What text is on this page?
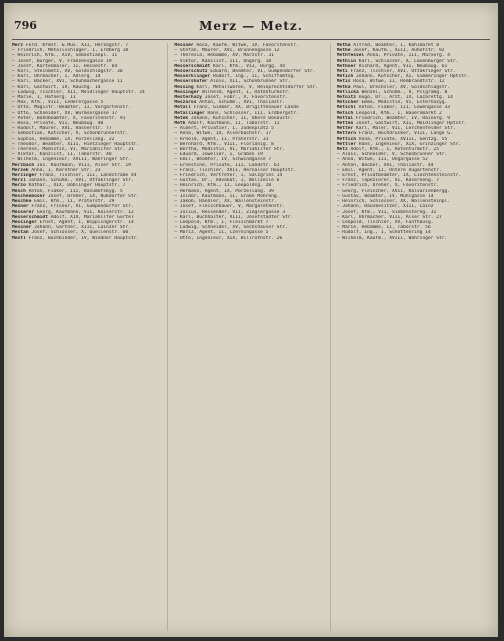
796	Merz — Metz.
Merz Ferd. Kfmst. & Mus. XII, Herzogstr. 7
— Friedrich, Metallschläger, I, Erdberg 18
— Heinrich, Kfm., XIV, Sebastianpl. 11
— Josef, Bürger, V, Franzensgasse 19
— Josef, Kartenmaler, II, Heinestr. 64
— Karl, Steinmetz, XV, Goldschlagstr. 30
— Karl, Uhrmacher, I, Adlerg. 14
— Karl, Bäcker, XVI, Schuhmachergasse 11
— Karl, Gastwirt, IV, Rauchg. 14
— Ludwig, Tischler, XII, Meidlinger Hauptstr. 24
— Marie, I, Hafnerg. 11
— Max, Kfm., VIII, Lederergasse 5
— Otto, Magistr.-Beamter, II, Vorgartenstr.
— Otto, Schneider, XV, Wurmsergasse 17
— Peter, Bahnbeamter, X, Favoritenstr. 91
— Rosa, Private, VII, Neubaug. 40
— Rudolf, Maurer, XVI, Hasnerstr. 77
— Sebastian, Kutscher, V, Schönbrunnerstr.
— Sophie, Hebamme, IX, Porzellang. 22
— Theodor, Beamter, XIII, Hietzinger Hauptstr.
— Therese, Modistin, VI, Mariahilfer Str. 31
— Viktor, Kanzlist, II, Taborstr. 48
— Wilhelm, Ingenieur, XVIII, Währinger Str.
Merzbach Jos. Kaufmann, VIII, Alser Str. 19
Merzek Anna, I, Kärntner Str. 23
Merzinger Franz, Tischler, III, Landstraße 44
Merzl Johann, Schuhm., XVI, Ottakringer Str.
Merzo Kathar., XIX, Döblinger Hauptstr. 7
Mesch Anton, Fiaker, III, Rasumofskyg. 5
Meschenmoser Josef, Dreher, IX, Nußdorfer Str.
Meschke Emil, Kfm., II, Praterstr. 29
Mesner Franz, Friseur, VI, Gumpendorfer Str.
Messerer Georg, Kaufmann, VII, Kaiserstr. 12
Messerschmidt Adolf, XIV, Mariahilfer Gürtel
Messinger Ernst, Agent, I, Wipplingerstr. 14
Messner Johann, Gärtner, XIII, Lainzer Str.
Mestan Josef, Schlosser, X, Quellenstr. 60
Mestl Franz, Buchbinder, IV, Wiedner Hauptstr.
Messner Rosa, Kaufm. Witwe, IV, Favoritenstr.
— Stefan, Maurer, XVI, Brunnengasse 12
— Theresia, Hebamme, XV, Märzstr. 31
— Viktor, Kanzlist, III, Ungarg. 18
Messerschmidt Karl, Kfm., VII, Burgg. 44
Messerschütz Eduard, Beamter, VI, Gumpendorfer Str.
Messerklinger Rudolf, Ing., II, Schiffamtsg.
Messershofer Alois, XII, Schönbrunner Str.
Messing Karl, Metallwaren, V, Reinprechtsdorfer Str.
Messinger Wilhelm, Agent, I, Rotenturmstr.
Mesterhazy Josef, Fabr., X, Favoritenstr.
Meszaros Anton, Schuhm., XVI, Thaliastr.
Metall Franz, Gießer, XX, Brigittenauer Lände
Metallinger Hans, Schlosser, III, Erdbergstr.
Metek Johann, Kutscher, II, Obere Donaustr.
Meth Adolf, Kaufmann, II, Taborstr. 11
— Albert, Privatier, I, Judenplatz 5
— Anna, Witwe, IX, Alserbachstr. 17
— Arnold, Agent, II, Praterstr. 33
— Bernhard, Kfm., VIII, Florianig. 8
— Bertha, Modistin, VI, Mariahilfer Str.
— Eduard, Juwelier, I, Graben 19
— Emil, Beamter, IV, Schwindgasse 7
— Ernestine, Private, III, Landstr. 61
— Franz, Tischler, XVII, Hernalser Hauptstr.
— Friedrich, Vertreter, I, Salzgries 14
— Gustav, Dr., Advokat, I, Wollzeile 6
— Heinrich, Kfm., II, Leopoldsg. 20
— Hermann, Agent, IX, Porzellang. 39
— Isidor, Kaufmann, II, Große Mohreng.
— Jakob, Händler, XX, Wallensteinstr.
— Josef, Fleischhauer, V, Margaretenstr.
— Julius, Reisender, VII, Zieglergasse 3
— Karl, Buchhalter, VIII, Josefstädter Str.
— Leopold, Kfm., I, Fleischmarkt 7
— Ludwig, Schneider, XV, Sechshauser Str.
— Moriz, Agent, II, Czerningasse 5
— Otto, Ingenieur, XIX, Billrothstr. 26
Metha Alfred, Beamter, I, Kohlmarkt 8
Methe Josef, Kaufm., XIII, Auhofstr. 92
Methfessel Anna, Private, III, Marxerg. 4
Methlin Karl, Schlosser, X, Laxenburger Str.
Methner Richard, Agent, VII, Neubaug. 61
Meti Franz, Tischler, XVI, Ottakringer Str.
Metich Johann, Kutscher, XI, Simmeringer Hptstr.
Metis Rosa, Witwe, II, Rembrandtstr. 12
Metka Paul, Drechsler, XV, Goldschlagstr.
Metlicka Wenzel, Schuhm., V, Pilgramg. 8
Metnitz Hugo, Dr., Arzt, IX, Lazarettg. 14
Metscher Emma, Modistin, VI, Esterhazyg.
Metschl Anton, Fiaker, III, Löwengasse 33
Metsch Leopold, Kfm., I, Bauernmarkt 2
Mettal Friedrich, Beamter, IV, Rainerg. 9
Metten Josef, Gastwirt, XII, Meidlinger Hptstr.
Metter Karl, Maler, VII, Lerchenfelder Str.
Mettern Franz, Buchdrucker, VIII, Lange G.
Mettich Anna, Private, XVIII, Gentzg. 55
Mettler Hans, Ingenieur, XIX, Grinzinger Str.
Metz Adolf, Kfm., I, Rotenturmstr. 25
— Alois, Schneider, V, Schönbrunner Str.
— Anna, Witwe, III, Ungargasse 52
— Anton, Bäcker, XVI, Thaliastr. 44
— Emil, Agent, II, Untere Augartenstr.
— Ernst, Privatbeamter, IX, Liechtensteinstr.
— Franz, Tapezierer, VI, Kaserneng. 7
— Friedrich, Dreher, X, Favoritenstr.
— Georg, Fleischer, XVII, Kalvarienbergg.
— Gustav, Beamter, IV, Mühlgasse 14
— Heinrich, Schlosser, XX, Wallensteinpl.
— Johann, Hausbesitzer, XIII, Lainz
— Josef, Kfm., VII, Siebensterng. 31
— Karl, Uhrmacher, VIII, Alser Str. 27
— Leopold, Tischler, XV, Fünfhausg.
— Marie, Hebamme, II, Taborstr. 56
— Rudolf, Ing., I, Schottenring 14
— Wilhelm, Kaufm., XVIII, Währinger Str.
